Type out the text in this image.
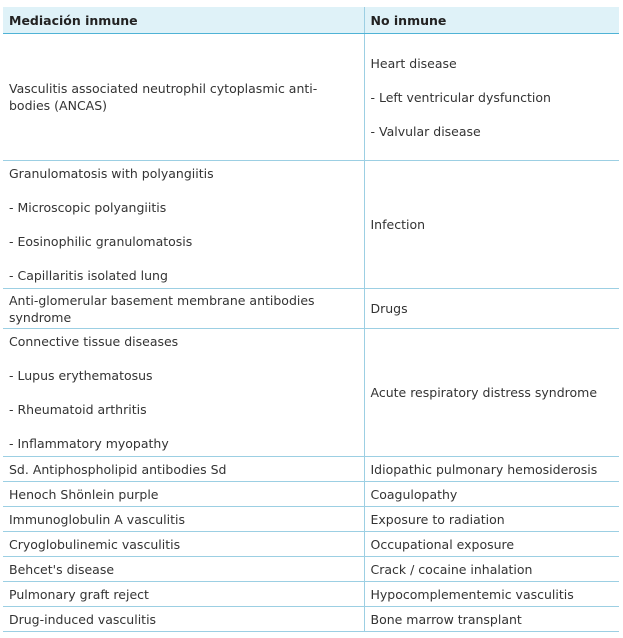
Mediación inmune	No inmune

Vasculitis associated neutrophil cytoplasmic anti-
bodies (ANCAS)	Heart disease
- Left ventricular dysfunction
- Valvular disease

Granulomatosis with polyangiitis
- Microscopic polyangiitis
- Eosinophilic granulomatosis
- Capillaritis isolated lung	Infection

Anti-glomerular basement membrane antibodies
syndrome	Drugs

Connective tissue diseases
- Lupus erythematosus
- Rheumatoid arthritis
- Inflammatory myopathy	Acute respiratory distress syndrome

Sd. Antiphospholipid antibodies Sd	Idiopathic pulmonary hemosiderosis

Henoch Shönlein purple	Coagulopathy

Immunoglobulin A vasculitis	Exposure to radiation

Cryoglobulinemic vasculitis	Occupational exposure

Behcet's disease	Crack / cocaine inhalation

Pulmonary graft reject	Hypocomplementemic vasculitis

Drug-induced vasculitis	Bone marrow transplant
